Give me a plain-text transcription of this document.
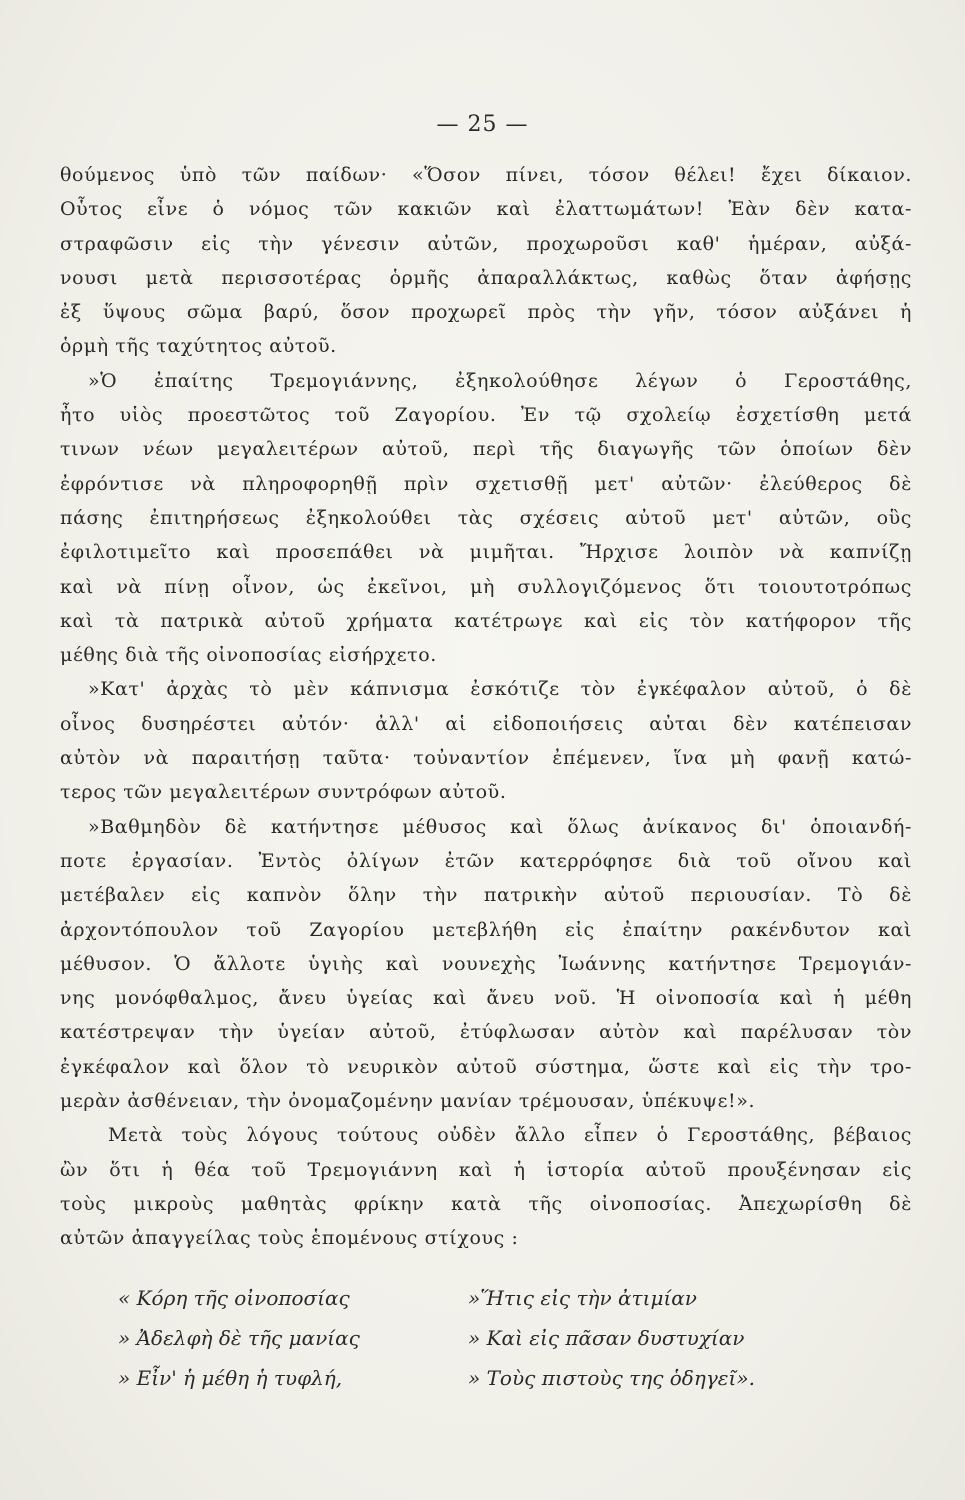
— 25 —
θούμενος ὑπὸ τῶν παίδων· «Ὅσον πίνει, τόσον θέλει! ἔχει δίκαιον.
Οὗτος εἶνε ὁ νόμος τῶν κακιῶν καὶ ἐλαττωμάτων! Ἐὰν δὲν κατα-
στραφῶσιν εἰς τὴν γένεσιν αὐτῶν, προχωροῦσι καθ' ἡμέραν, αὐξά-
νουσι μετὰ περισσοτέρας ὁρμῆς ἀπαραλλάκτως, καθὼς ὅταν ἀφήσῃς
ἐξ ὕψους σῶμα βαρύ, ὅσον προχωρεῖ πρὸς τὴν γῆν, τόσον αὐξάνει ἡ
ὁρμὴ τῆς ταχύτητος αὐτοῦ.
»Ὁ ἐπαίτης Τρεμογιάννης, ἐξηκολούθησε λέγων ὁ Γεροστάθης,
ἦτο υἱὸς προεστῶτος τοῦ Ζαγορίου. Ἐν τῷ σχολείῳ ἐσχετίσθη μετά
τινων νέων μεγαλειτέρων αὐτοῦ, περὶ τῆς διαγωγῆς τῶν ὁποίων δὲν
ἐφρόντισε νὰ πληροφορηθῇ πρὶν σχετισθῇ μετ' αὐτῶν· ἐλεύθερος δὲ
πάσης ἐπιτηρήσεως ἐξηκολούθει τὰς σχέσεις αὐτοῦ μετ' αὐτῶν, οὓς
ἐφιλοτιμεῖτο καὶ προσεπάθει νὰ μιμῆται. Ἤρχισε λοιπὸν νὰ καπνίζῃ
καὶ νὰ πίνῃ οἶνον, ὡς ἐκεῖνοι, μὴ συλλογιζόμενος ὅτι τοιουτοτρόπως
καὶ τὰ πατρικὰ αὐτοῦ χρήματα κατέτρωγε καὶ εἰς τὸν κατήφορον τῆς
μέθης διὰ τῆς οἰνοποσίας εἰσήρχετο.
»Κατ' ἀρχὰς τὸ μὲν κάπνισμα ἐσκότιζε τὸν ἐγκέφαλον αὐτοῦ, ὁ δὲ
οἶνος δυσηρέστει αὐτόν· ἀλλ' αἱ εἰδοποιήσεις αὐται δὲν κατέπεισαν
αὐτὸν νὰ παραιτήσῃ ταῦτα· τοὐναντίον ἐπέμενεν, ἵνα μὴ φανῇ κατώ-
τερος τῶν μεγαλειτέρων συντρόφων αὐτοῦ.
»Βαθμηδὸν δὲ κατήντησε μέθυσος καὶ ὅλως ἀνίκανος δι' ὁποιανδή-
ποτε ἐργασίαν. Ἐντὸς ὀλίγων ἐτῶν κατερρόφησε διὰ τοῦ οἴνου καὶ
μετέβαλεν εἰς καπνὸν ὅλην τὴν πατρικὴν αὐτοῦ περιουσίαν. Τὸ δὲ
ἀρχοντόπουλον τοῦ Ζαγορίου μετεβλήθη εἰς ἐπαίτην ρακένδυτον καὶ
μέθυσον. Ὁ ἄλλοτε ὑγιὴς καὶ νουνεχὴς Ἰωάννης κατήντησε Τρεμογιάν-
νης μονόφθαλμος, ἄνευ ὑγείας καὶ ἄνευ νοῦ. Ἡ οἰνοποσία καὶ ἡ μέθη
κατέστρεψαν τὴν ὑγείαν αὐτοῦ, ἐτύφλωσαν αὐτὸν καὶ παρέλυσαν τὸν
ἐγκέφαλον καὶ ὅλον τὸ νευρικὸν αὐτοῦ σύστημα, ὥστε καὶ εἰς τὴν τρο-
μερὰν ἀσθένειαν, τὴν ὀνομαζομένην μανίαν τρέμουσαν, ὑπέκυψε!».
Μετὰ τοὺς λόγους τούτους οὐδὲν ἄλλο εἶπεν ὁ Γεροστάθης, βέβαιος
ὢν ὅτι ἡ θέα τοῦ Τρεμογιάννη καὶ ἡ ἱστορία αὐτοῦ προυξένησαν εἰς
τοὺς μικροὺς μαθητὰς φρίκην κατὰ τῆς οἰνοποσίας. Ἀπεχωρίσθη δὲ
αὐτῶν ἀπαγγείλας τοὺς ἑπομένους στίχους :
« Κόρη τῆς οἰνοποσίας
» Ἀδελφὴ δὲ τῆς μανίας
» Εἶν' ἡ μέθη ἡ τυφλή,
»Ἥτις εἰς τὴν ἀτιμίαν
» Καὶ εἰς πᾶσαν δυστυχίαν
» Τοὺς πιστοὺς της ὁδηγεῖ».
